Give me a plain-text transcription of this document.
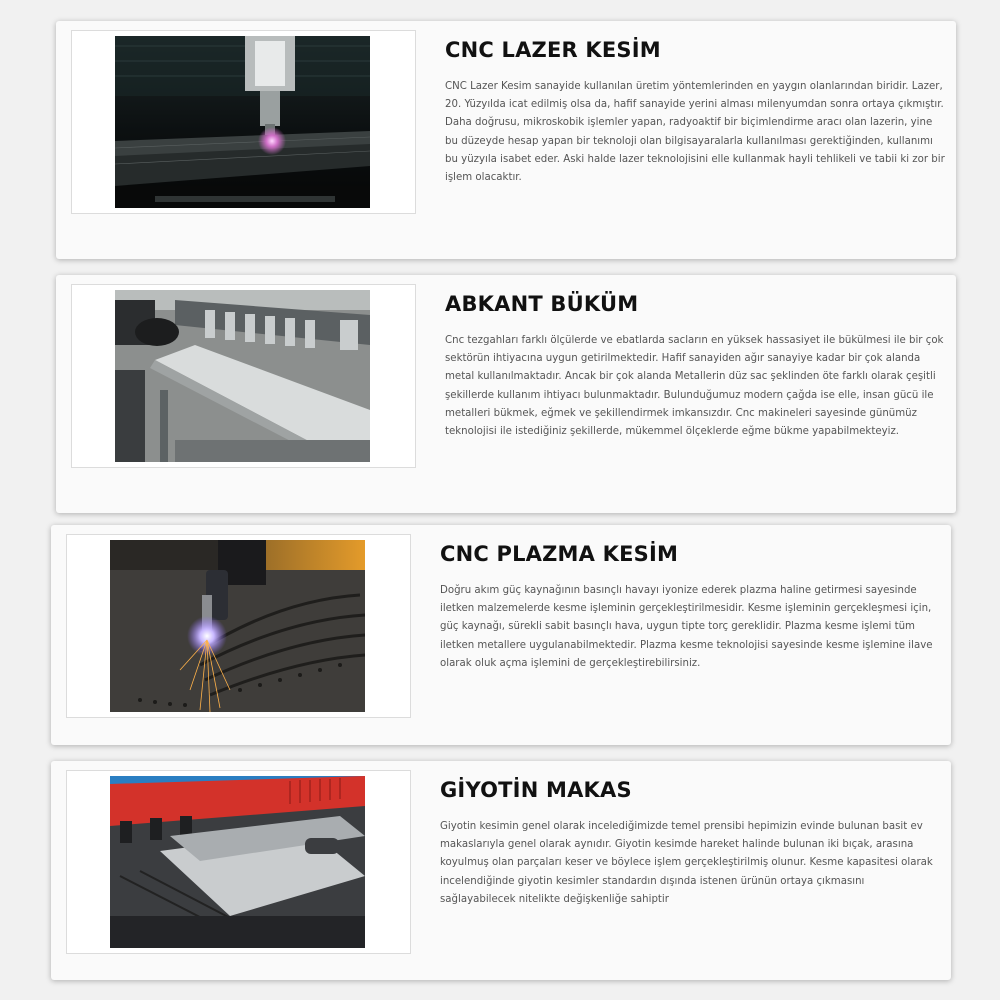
CNC LAZER KESİM

CNC Lazer Kesim sanayide kullanılan üretim yöntemlerinden en yaygın olanlarından biridir. Lazer, 20. Yüzyılda icat edilmiş olsa da, hafif sanayide yerini alması milenyumdan sonra ortaya çıkmıştır. Daha doğrusu, mikroskobik işlemler yapan, radyoaktif bir biçimlendirme aracı olan lazerin, yine bu düzeyde hesap yapan bir teknoloji olan bilgisayaralarla kullanılması gerektiğinden, kullanımı bu yüzyıla isabet eder. Aski halde lazer teknolojisini elle kullanmak hayli tehlikeli ve tabii ki zor bir işlem olacaktır.

ABKANT BÜKÜM

Cnc tezgahları farklı ölçülerde ve ebatlarda sacların en yüksek hassasiyet ile bükülmesi ile bir çok sektörün ihtiyacına uygun getirilmektedir. Hafif sanayiden ağır sanayiye kadar bir çok alanda metal kullanılmaktadır. Ancak bir çok alanda Metallerin düz sac şeklinden öte farklı olarak çeşitli şekillerde kullanım ihtiyacı bulunmaktadır. Bulunduğumuz modern çağda ise elle, insan gücü ile metalleri bükmek, eğmek ve şekillendirmek imkansızdır. Cnc makineleri sayesinde günümüz teknolojisi ile istediğiniz şekillerde, mükemmel ölçeklerde eğme bükme yapabilmekteyiz.

CNC PLAZMA KESİM

Doğru akım güç kaynağının basınçlı havayı iyonize ederek plazma haline getirmesi sayesinde iletken malzemelerde kesme işleminin gerçekleştirilmesidir. Kesme işleminin gerçekleşmesi için, güç kaynağı, sürekli sabit basınçlı hava, uygun tipte torç gereklidir. Plazma kesme işlemi tüm iletken metallere uygulanabilmektedir. Plazma kesme teknolojisi sayesinde kesme işlemine ilave olarak oluk açma işlemini de gerçekleştirebilirsiniz.

GİYOTİN MAKAS

Giyotin kesimin genel olarak incelediğimizde temel prensibi hepimizin evinde bulunan basit ev makaslarıyla genel olarak aynıdır. Giyotin kesimde hareket halinde bulunan iki bıçak, arasına koyulmuş olan parçaları keser ve böylece işlem gerçekleştirilmiş olunur. Kesme kapasitesi olarak incelendiğinde giyotin kesimler standardın dışında istenen ürünün ortaya çıkmasını sağlayabilecek nitelikte değişkenliğe sahiptir
